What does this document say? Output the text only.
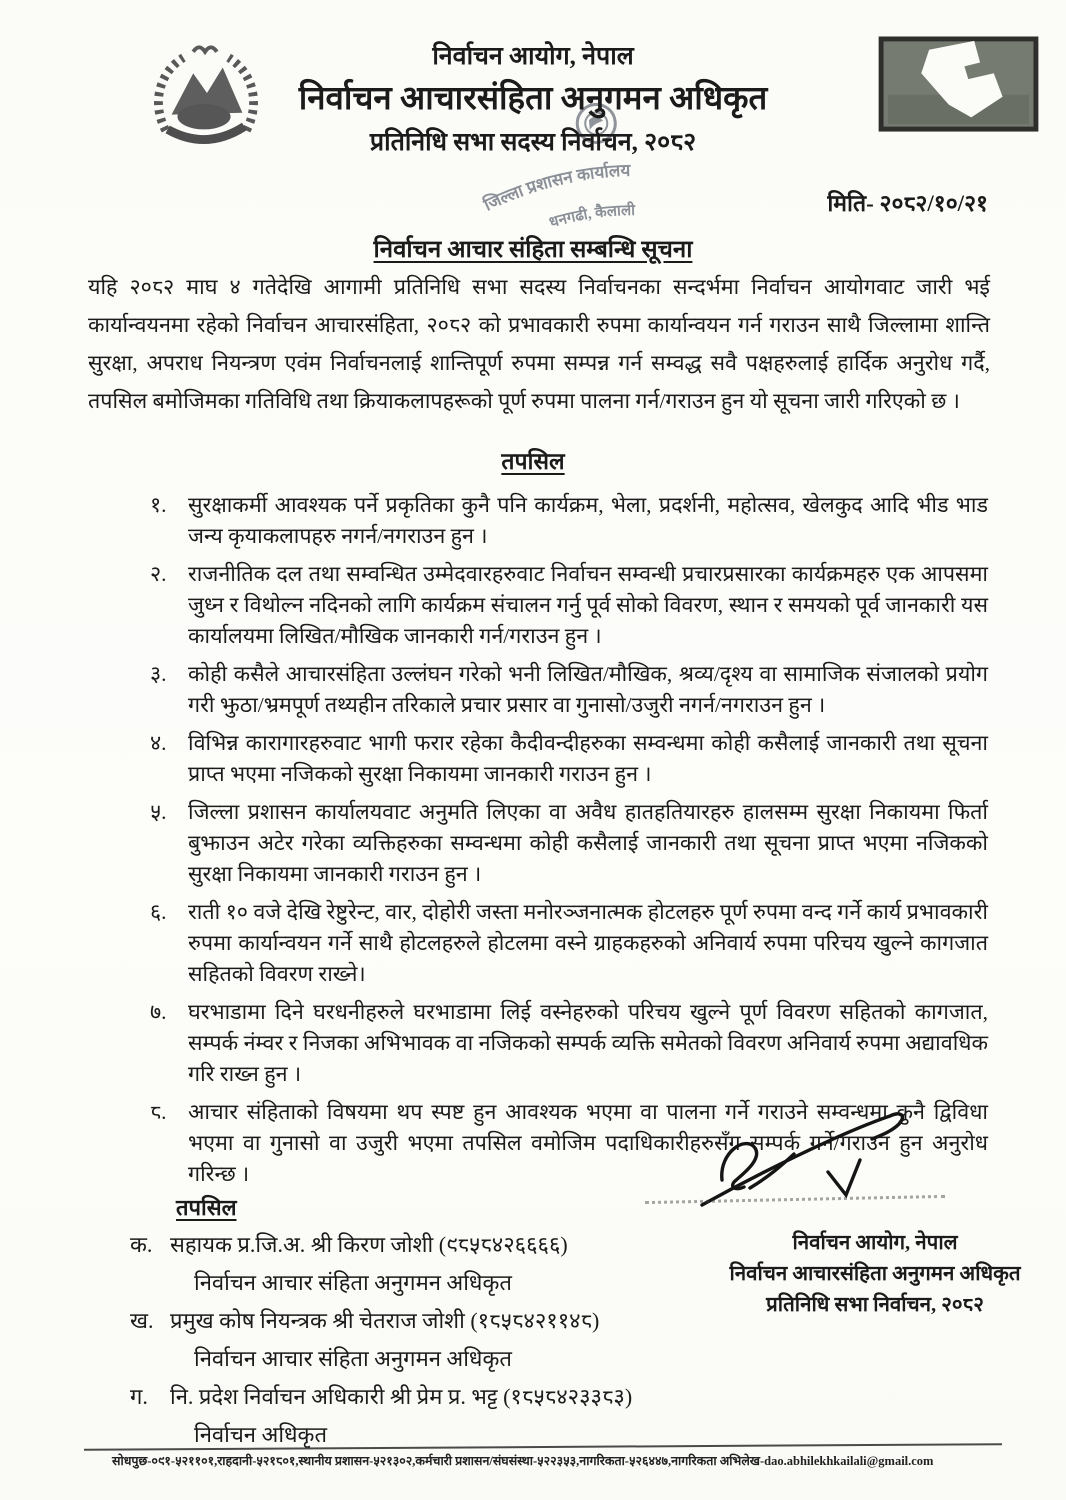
जिल्ला प्रशासन कार्यालय
धनगढी, कैलाली
निर्वाचन आयोग, नेपाल
निर्वाचन आचारसंहिता अनुगमन अधिकृत
प्रतिनिधि सभा सदस्य निर्वाचन, २०८२
मिति- २०८२/१०/२१
निर्वाचन आचार संहिता सम्बन्धि सूचना
यहि २०८२ माघ ४ गतेदेखि आगामी प्रतिनिधि सभा सदस्य निर्वाचनका सन्दर्भमा निर्वाचन आयोगवाट जारी भई कार्यान्वयनमा रहेको निर्वाचन आचारसंहिता, २०८२ को प्रभावकारी रुपमा कार्यान्वयन गर्न गराउन साथै जिल्लामा शान्ति सुरक्षा, अपराध नियन्त्रण एवंम निर्वाचनलाई शान्तिपूर्ण रुपमा सम्पन्न गर्न सम्वद्ध सवै पक्षहरुलाई हार्दिक अनुरोध गर्दै, तपसिल बमोजिमका गतिविधि तथा क्रियाकलापहरूको पूर्ण रुपमा पालना गर्न/गराउन हुन यो सूचना जारी गरिएको छ ।
तपसिल
१. सुरक्षाकर्मी आवश्यक पर्ने प्रकृतिका कुनै पनि कार्यक्रम, भेला, प्रदर्शनी, महोत्सव, खेलकुद आदि भीड भाड जन्य कृयाकलापहरु नगर्न/नगराउन हुन ।
२. राजनीतिक दल तथा सम्वन्धित उम्मेदवारहरुवाट निर्वाचन सम्वन्धी प्रचारप्रसारका कार्यक्रमहरु एक आपसमा जुध्न र विथोल्न नदिनको लागि कार्यक्रम संचालन गर्नु पूर्व सोको विवरण, स्थान र समयको पूर्व जानकारी यस कार्यालयमा लिखित/मौखिक जानकारी गर्न/गराउन हुन ।
३. कोही कसैले आचारसंहिता उल्लंघन गरेको भनी लिखित/मौखिक, श्रव्य/दृश्य वा सामाजिक संजालको प्रयोग गरी झुठा/भ्रमपूर्ण तथ्यहीन तरिकाले प्रचार प्रसार वा गुनासो/उजुरी नगर्न/नगराउन हुन ।
४. विभिन्न कारागारहरुवाट भागी फरार रहेका कैदीवन्दीहरुका सम्वन्धमा कोही कसैलाई जानकारी तथा सूचना प्राप्त भएमा नजिकको सुरक्षा निकायमा जानकारी गराउन हुन ।
५. जिल्ला प्रशासन कार्यालयवाट अनुमति लिएका वा अवैध हातहतियारहरु हालसम्म सुरक्षा निकायमा फिर्ता बुझाउन अटेर गरेका व्यक्तिहरुका सम्वन्धमा कोही कसैलाई जानकारी तथा सूचना प्राप्त भएमा नजिकको सुरक्षा निकायमा जानकारी गराउन हुन ।
६. राती १० वजे देखि रेष्टुरेन्ट, वार, दोहोरी जस्ता मनोरञ्जनात्मक होटलहरु पूर्ण रुपमा वन्द गर्ने कार्य प्रभावकारी रुपमा कार्यान्वयन गर्ने साथै होटलहरुले होटलमा वस्ने ग्राहकहरुको अनिवार्य रुपमा परिचय खुल्ने कागजात सहितको विवरण राख्ने।
७. घरभाडामा दिने घरधनीहरुले घरभाडामा लिई वस्नेहरुको परिचय खुल्ने पूर्ण विवरण सहितको कागजात, सम्पर्क नंम्वर र निजका अभिभावक वा नजिकको सम्पर्क व्यक्ति समेतको विवरण अनिवार्य रुपमा अद्यावधिक गरि राख्न हुन ।
८. आचार संहिताको विषयमा थप स्पष्ट हुन आवश्यक भएमा वा पालना गर्ने गराउने सम्वन्धमा कुनै द्विविधा भएमा वा गुनासो वा उजुरी भएमा तपसिल वमोजिम पदाधिकारीहरुसँग सम्पर्क गर्ने/गराउन हुन अनुरोध गरिन्छ ।
तपसिल
क. सहायक प्र.जि.अ. श्री किरण जोशी (९८५८४२६६६६)
निर्वाचन आचार संहिता अनुगमन अधिकृत
ख. प्रमुख कोष नियन्त्रक श्री चेतराज जोशी (१८५८४२११४८)
निर्वाचन आचार संहिता अनुगमन अधिकृत
ग.	नि. प्रदेश निर्वाचन अधिकारी श्री प्रेम प्र. भट्ट (१८५८४२३३८३)
निर्वाचन अधिकृत
निर्वाचन आयोग, नेपाल
निर्वाचन आचारसंहिता अनुगमन अधिकृत
प्रतिनिधि सभा निर्वाचन, २०८२
सोधपुछ-०९१-५२११०१,राहदानी-५२१८०१,स्थानीय प्रशासन-५२१३०२,कर्मचारी प्रशासन/संघसंस्था-५२२३५३,नागरिकता-५२६४४७,नागरिकता अभिलेख-dao.abhilekhkailali@gmail.com
